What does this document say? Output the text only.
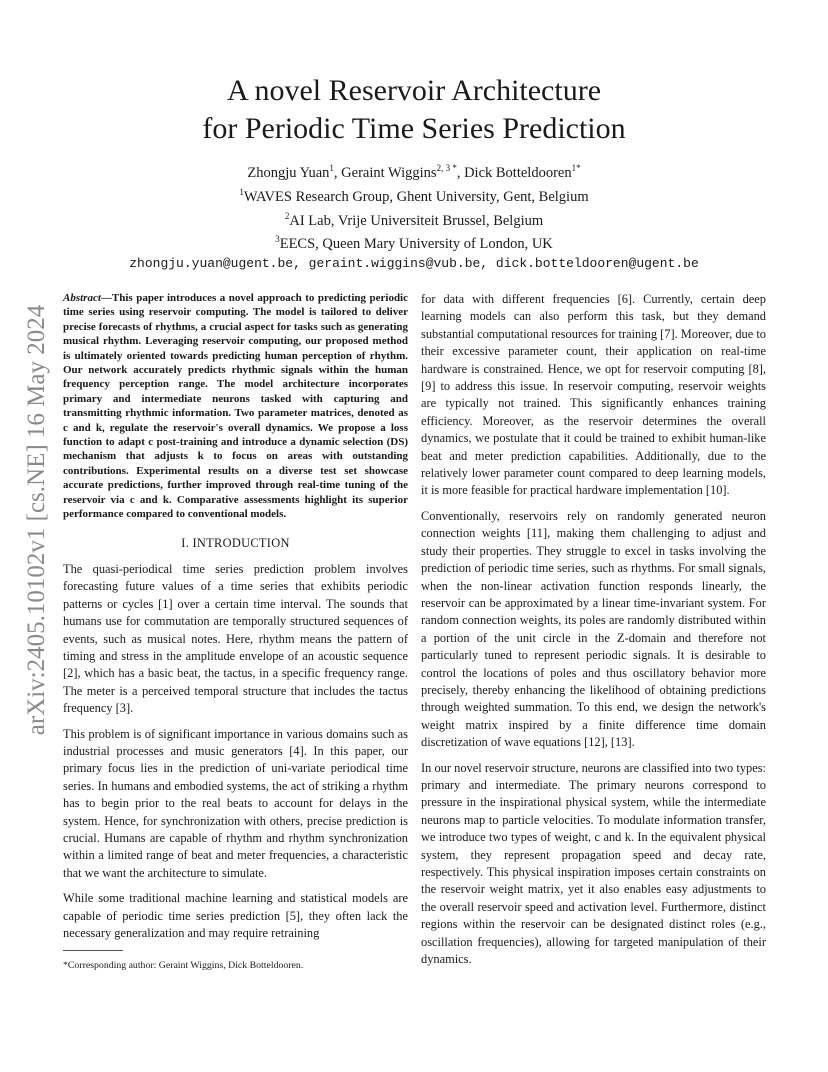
A novel Reservoir Architecture
for Periodic Time Series Prediction
Zhongju Yuan$^1$, Geraint Wiggins$^{2, 3 *}$, Dick Botteldooren$^{1*}$
$^1$WAVES Research Group, Ghent University, Gent, Belgium
$^2$AI Lab, Vrije Universiteit Brussel, Belgium
$^3$EECS, Queen Mary University of London, UK
zhongju.yuan@ugent.be, geraint.wiggins@vub.be, dick.botteldooren@ugent.be
arXiv:2405.10102v1 [cs.NE] 16 May 2024

Abstract—This paper introduces a novel approach to predicting periodic time series using reservoir computing. The model is tailored to deliver precise forecasts of rhythms, a crucial aspect for tasks such as generating musical rhythm. Leveraging reservoir computing, our proposed method is ultimately oriented towards predicting human perception of rhythm. Our network accurately predicts rhythmic signals within the human frequency perception range. The model architecture incorporates primary and intermediate neurons tasked with capturing and transmitting rhythmic information. Two parameter matrices, denoted as c and k, regulate the reservoir's overall dynamics. We propose a loss function to adapt c post-training and introduce a dynamic selection (DS) mechanism that adjusts k to focus on areas with outstanding contributions. Experimental results on a diverse test set showcase accurate predictions, further improved through real-time tuning of the reservoir via c and k. Comparative assessments highlight its superior performance compared to conventional models.

I. INTRODUCTION

The quasi-periodical time series prediction problem involves forecasting future values of a time series that exhibits periodic patterns or cycles [1] over a certain time interval. The sounds that humans use for commutation are temporally structured sequences of events, such as musical notes. Here, rhythm means the pattern of timing and stress in the amplitude envelope of an acoustic sequence [2], which has a basic beat, the tactus, in a specific frequency range. The meter is a perceived temporal structure that includes the tactus frequency [3].

This problem is of significant importance in various domains such as industrial processes and music generators [4]. In this paper, our primary focus lies in the prediction of uni-variate periodical time series. In humans and embodied systems, the act of striking a rhythm has to begin prior to the real beats to account for delays in the system. Hence, for synchronization with others, precise prediction is crucial. Humans are capable of rhythm and rhythm synchronization within a limited range of beat and meter frequencies, a characteristic that we want the architecture to simulate.

While some traditional machine learning and statistical models are capable of periodic time series prediction [5], they often lack the necessary generalization and may require retraining

for data with different frequencies [6]. Currently, certain deep learning models can also perform this task, but they demand substantial computational resources for training [7]. Moreover, due to their excessive parameter count, their application on real-time hardware is constrained. Hence, we opt for reservoir computing [8], [9] to address this issue. In reservoir computing, reservoir weights are typically not trained. This significantly enhances training efficiency. Moreover, as the reservoir determines the overall dynamics, we postulate that it could be trained to exhibit human-like beat and meter prediction capabilities. Additionally, due to the relatively lower parameter count compared to deep learning models, it is more feasible for practical hardware implementation [10].

Conventionally, reservoirs rely on randomly generated neuron connection weights [11], making them challenging to adjust and study their properties. They struggle to excel in tasks involving the prediction of periodic time series, such as rhythms. For small signals, when the non-linear activation function responds linearly, the reservoir can be approximated by a linear time-invariant system. For random connection weights, its poles are randomly distributed within a portion of the unit circle in the Z-domain and therefore not particularly tuned to represent periodic signals. It is desirable to control the locations of poles and thus oscillatory behavior more precisely, thereby enhancing the likelihood of obtaining predictions through weighted summation. To this end, we design the network's weight matrix inspired by a finite difference time domain discretization of wave equations [12], [13].

In our novel reservoir structure, neurons are classified into two types: primary and intermediate. The primary neurons correspond to pressure in the inspirational physical system, while the intermediate neurons map to particle velocities. To modulate information transfer, we introduce two types of weight, c and k. In the equivalent physical system, they represent propagation speed and decay rate, respectively. This physical inspiration imposes certain constraints on the reservoir weight matrix, yet it also enables easy adjustments to the overall reservoir speed and activation level. Furthermore, distinct regions within the reservoir can be designated distinct roles (e.g., oscillation frequencies), allowing for targeted manipulation of their dynamics.

*Corresponding author: Geraint Wiggins, Dick Botteldooren.
